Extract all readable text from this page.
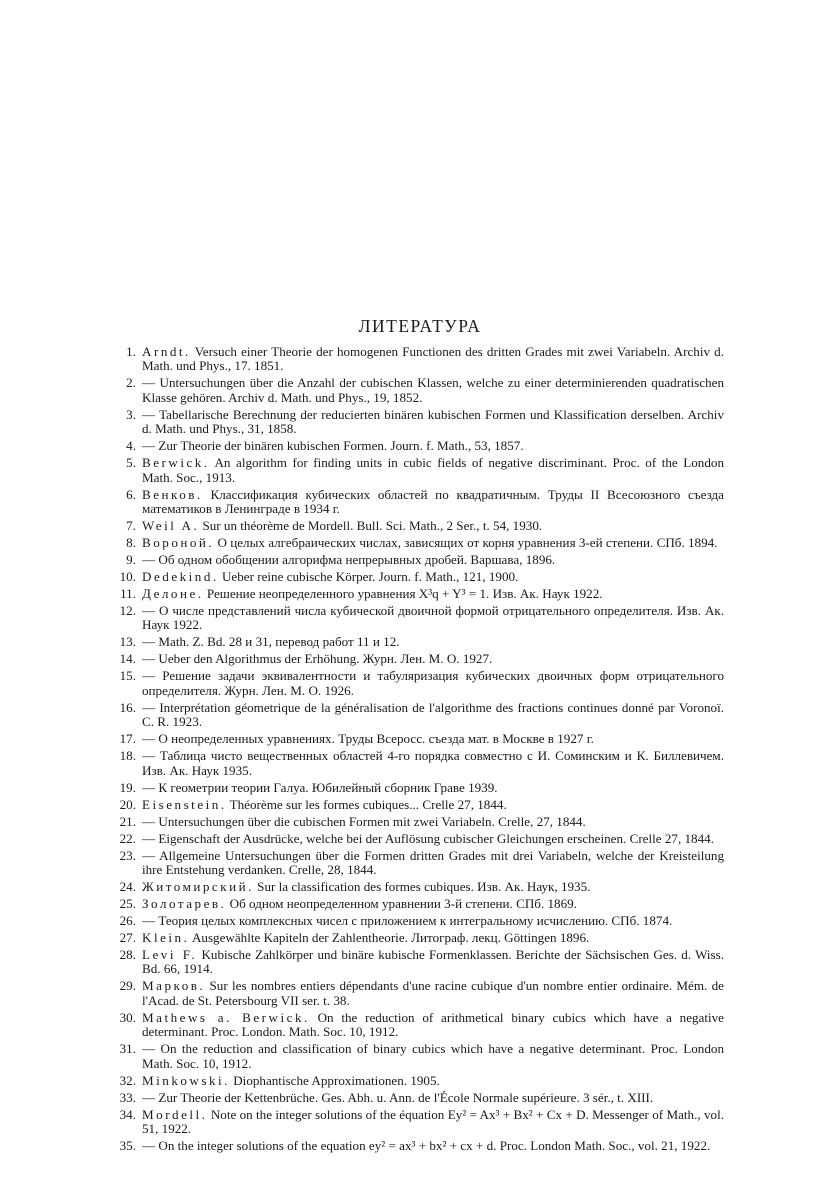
ЛИТЕРАТУРА
1. Arndt. Versuch einer Theorie der homogenen Functionen des dritten Grades mit zwei Variabeln. Archiv d. Math. und Phys., 17. 1851.
2. — Untersuchungen über die Anzahl der cubischen Klassen, welche zu einer determinierenden quadratischen Klasse gehören. Archiv d. Math. und Phys., 19, 1852.
3. — Tabellarische Berechnung der reducierten binären kubischen Formen und Klassification derselben. Archiv d. Math. und Phys., 31, 1858.
4. — Zur Theorie der binären kubischen Formen. Journ. f. Math., 53, 1857.
5. Berwick. An algorithm for finding units in cubic fields of negative discriminant. Proc. of the London Math. Soc., 1913.
6. Венков. Классификация кубических областей по квадратичным. Труды II Всесоюзного съезда математиков в Ленинграде в 1934 г.
7. Weil A. Sur un théorème de Mordell. Bull. Sci. Math., 2 Ser., t. 54, 1930.
8. Вороной. О целых алгебраических числах, зависящих от корня уравнения 3-ей степени. СПб. 1894.
9. — Об одном обобщении алгорифма непрерывных дробей. Варшава, 1896.
10. Dedekind. Ueber reine cubische Körper. Journ. f. Math., 121, 1900.
11. Делоне. Решение неопределенного уравнения X³q + Y³ = 1. Изв. Ак. Наук 1922.
12. — О числе представлений числа кубической двоичной формой отрицательного определителя. Изв. Ак. Наук 1922.
13. — Math. Z. Bd. 28 и 31, перевод работ 11 и 12.
14. — Ueber den Algorithmus der Erhöhung. Журн. Лен. М. О. 1927.
15. — Решение задачи эквивалентности и табуляризация кубических двоичных форм отрицательного определителя. Журн. Лен. М. О. 1926.
16. — Interprétation géometrique de la généralisation de l'algorithme des fractions continues donné par Voronoï. C. R. 1923.
17. — О неопределенных уравнениях. Труды Всеросс. съезда мат. в Москве в 1927 г.
18. — Таблица чисто вещественных областей 4-го порядка совместно с И. Соминским и К. Биллевичем. Изв. Ак. Наук 1935.
19. — К геометрии теории Галуа. Юбилейный сборник Граве 1939.
20. Eisenstein. Théorème sur les formes cubiques... Crelle 27, 1844.
21. — Untersuchungen über die cubischen Formen mit zwei Variabeln. Crelle, 27, 1844.
22. — Eigenschaft der Ausdrücke, welche bei der Auflösung cubischer Gleichungen erscheinen. Crelle 27, 1844.
23. — Allgemeine Untersuchungen über die Formen dritten Grades mit drei Variabeln, welche der Kreisteilung ihre Entstehung verdanken. Crelle, 28, 1844.
24. Житомирский. Sur la classification des formes cubiques. Изв. Ак. Наук, 1935.
25. Золотарев. Об одном неопределенном уравнении 3-й степени. СПб. 1869.
26. — Теория целых комплексных чисел с приложением к интегральному исчислению. СПб. 1874.
27. Klein. Ausgewählte Kapiteln der Zahlentheorie. Литограф. лекц. Göttingen 1896.
28. Levi F. Kubische Zahlkörper und binäre kubische Formenklassen. Berichte der Sächsischen Ges. d. Wiss. Bd. 66, 1914.
29. Марков. Sur les nombres entiers dépendants d'une racine cubique d'un nombre entier ordinaire. Mém. de l'Acad. de St. Petersbourg VII ser. t. 38.
30. Mathews a. Berwick. On the reduction of arithmetical binary cubics which have a negative determinant. Proc. London. Math. Soc. 10, 1912.
31. — On the reduction and classification of binary cubics which have a negative determinant. Proc. London Math. Soc. 10, 1912.
32. Minkowski. Diophantische Approximationen. 1905.
33. — Zur Theorie der Kettenbrüche. Ges. Abh. u. Ann. de l'École Normale supérieure. 3 sér., t. XIII.
34. Mordell. Note on the integer solutions of the équation Ey² = Ax³ + Bx² + Cx + D. Messenger of Math., vol. 51, 1922.
35. — On the integer solutions of the equation ey² = ax³ + bx² + cx + d. Proc. London Math. Soc., vol. 21, 1922.
